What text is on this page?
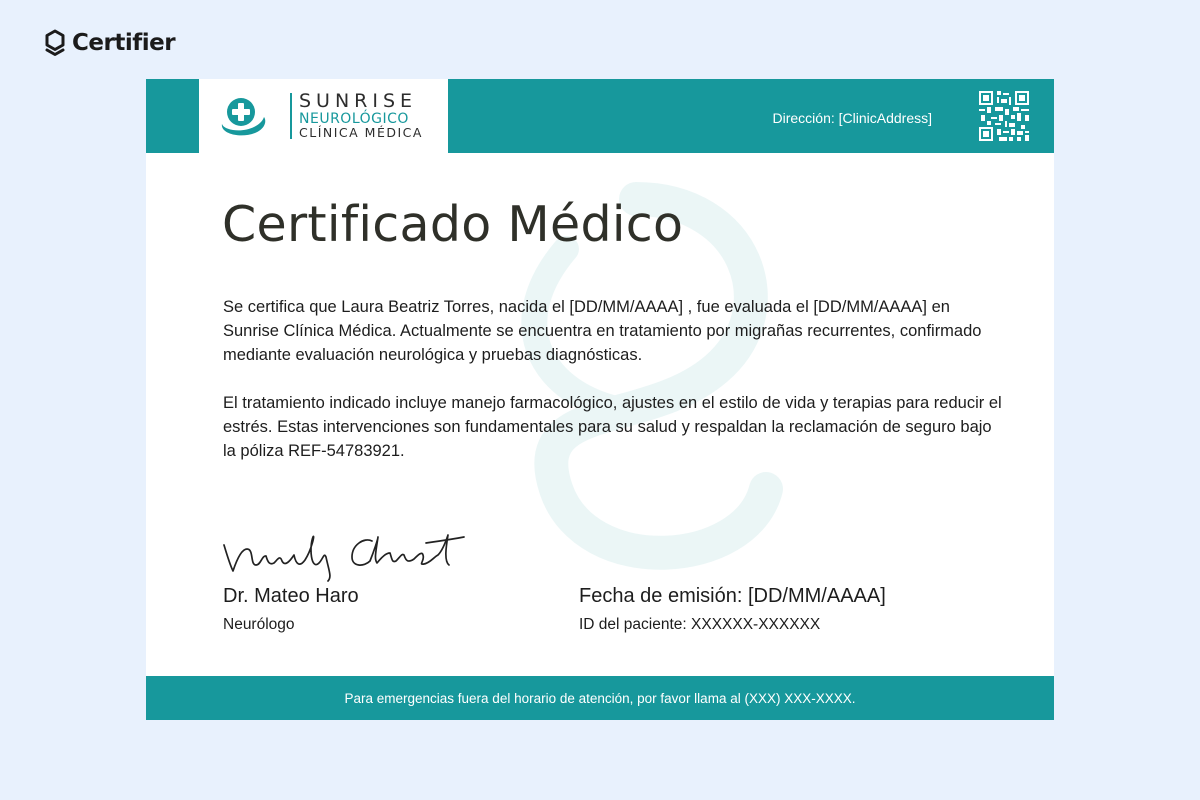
Certifier
SUNRISE
NEUROLÓGICO
CLÍNICA MÉDICA
Dirección: [ClinicAddress]
Certificado Médico

Se certifica que Laura Beatriz Torres, nacida el [DD/MM/AAAA] , fue evaluada el [DD/MM/AAAA] en Sunrise Clínica Médica. Actualmente se encuentra en tratamiento por migrañas recurrentes, confirmado mediante evaluación neurológica y pruebas diagnósticas.

El tratamiento indicado incluye manejo farmacológico, ajustes en el estilo de vida y terapias para reducir el estrés. Estas intervenciones son fundamentales para su salud y respaldan la reclamación de seguro bajo la póliza REF-54783921.

Dr. Mateo Haro
Neurólogo
Fecha de emisión: [DD/MM/AAAA]
ID del paciente: XXXXXX-XXXXXX
Para emergencias fuera del horario de atención, por favor llama al (XXX) XXX-XXXX.
